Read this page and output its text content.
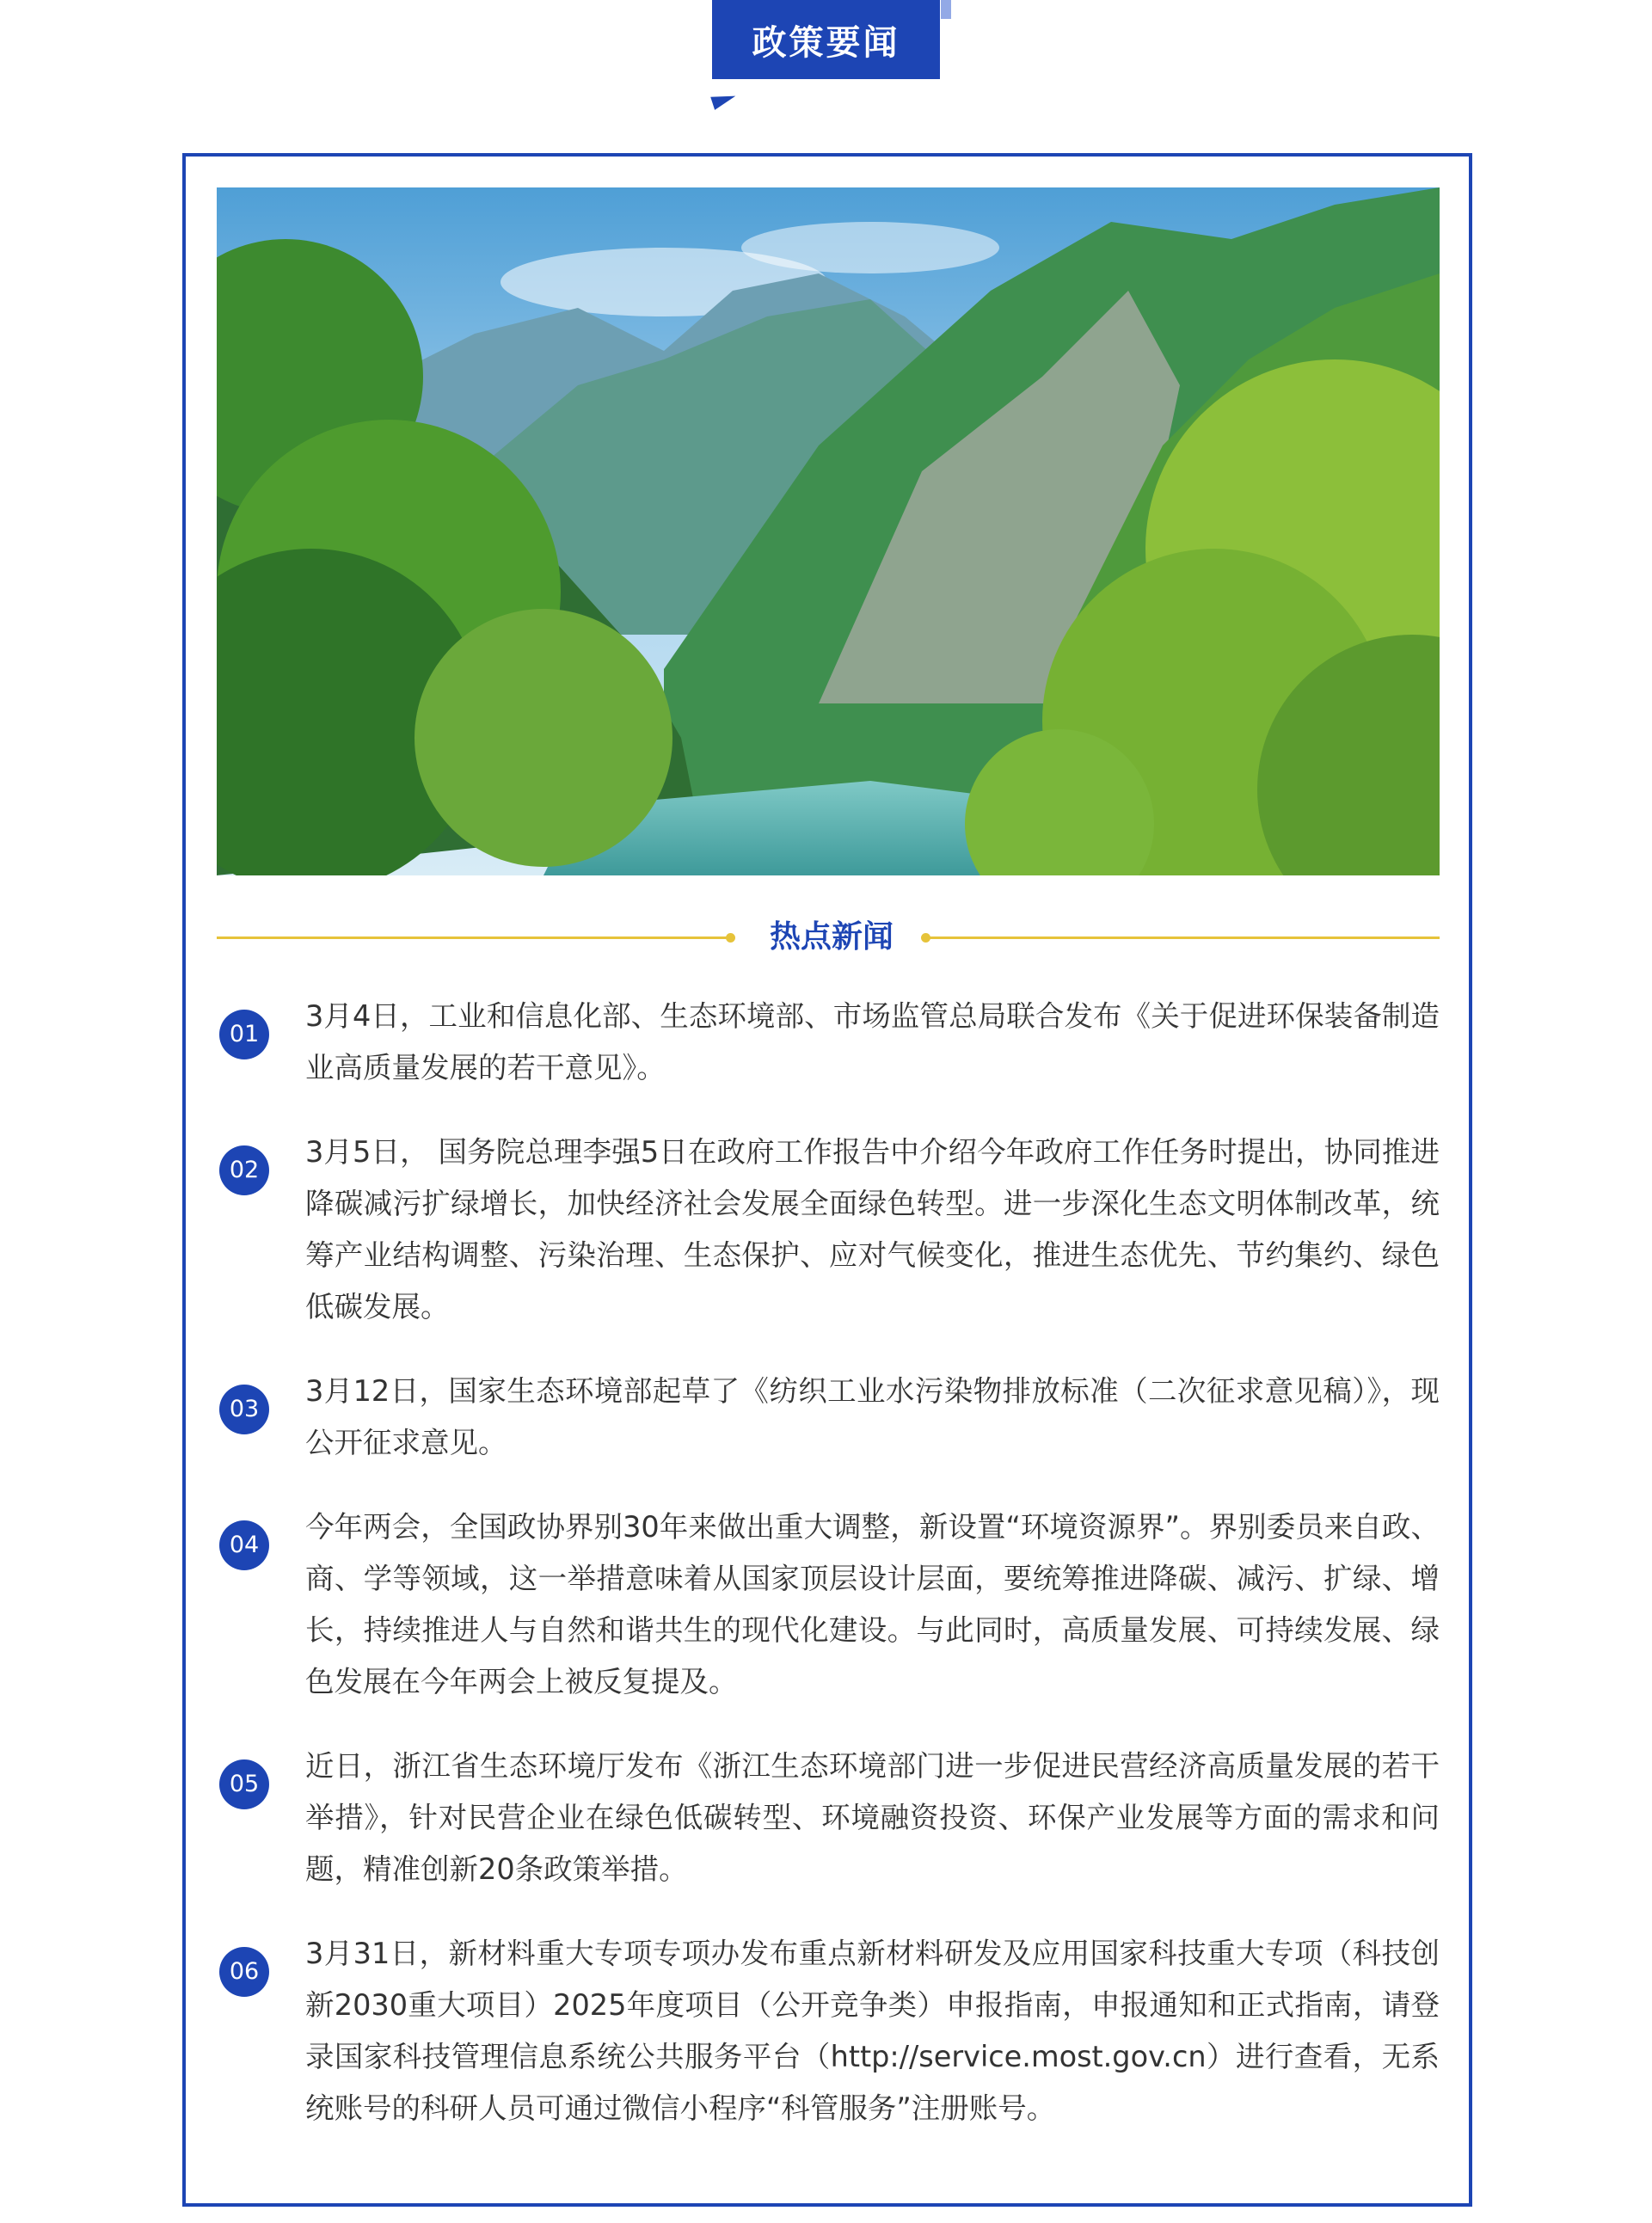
政策要闻
热点新闻
01
3月4日，工业和信息化部、生态环境部、市场监管总局联合发布《关于促进环保装备制造业高质量发展的若干意见》。
02
3月5日， 国务院总理李强5日在政府工作报告中介绍今年政府工作任务时提出，协同推进降碳减污扩绿增长，加快经济社会发展全面绿色转型。进一步深化生态文明体制改革，统筹产业结构调整、污染治理、生态保护、应对气候变化，推进生态优先、节约集约、绿色低碳发展。
03
3月12日，国家生态环境部起草了《纺织工业水污染物排放标准（二次征求意见稿）》，现公开征求意见。
04
今年两会，全国政协界别30年来做出重大调整，新设置“环境资源界”。界别委员来自政、商、学等领域，这一举措意味着从国家顶层设计层面，要统筹推进降碳、减污、扩绿、增长，持续推进人与自然和谐共生的现代化建设。与此同时，高质量发展、可持续发展、绿色发展在今年两会上被反复提及。
05
近日，浙江省生态环境厅发布《浙江生态环境部门进一步促进民营经济高质量发展的若干举措》，针对民营企业在绿色低碳转型、环境融资投资、环保产业发展等方面的需求和问题，精准创新20条政策举措。
06
3月31日，新材料重大专项专项办发布重点新材料研发及应用国家科技重大专项（科技创新2030重大项目）2025年度项目（公开竞争类）申报指南，申报通知和正式指南，请登录国家科技管理信息系统公共服务平台（http://service.most.gov.cn）进行查看，无系统账号的科研人员可通过微信小程序“科管服务”注册账号。
